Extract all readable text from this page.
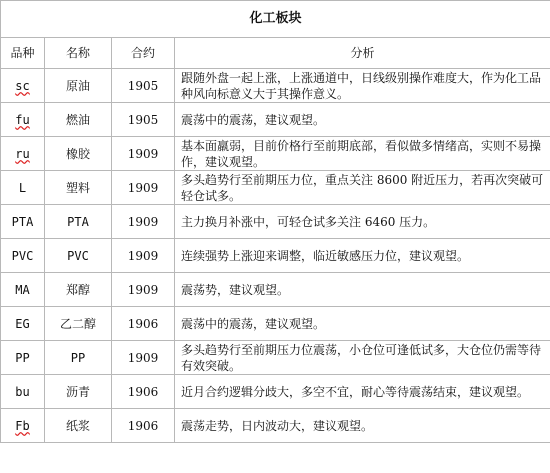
化工板块			
品种	名称	合约	分析
sc	原油	1905	跟随外盘一起上涨，上涨通道中，日线级别操作难度大，作为化工品种风向标意义大于其操作意义。
fu	燃油	1905	震荡中的震荡，建议观望。
ru	橡胶	1909	基本面羸弱，目前价格行至前期底部，看似做多情绪高，实则不易操作，建议观望。
L	塑料	1909	多头趋势行至前期压力位，重点关注 8600 附近压力，若再次突破可轻仓试多。
PTA	PTA	1909	主力换月补涨中，可轻仓试多关注 6460 压力。
PVC	PVC	1909	连续强势上涨迎来调整，临近敏感压力位，建议观望。
MA	郑醇	1909	震荡势，建议观望。
EG	乙二醇	1906	震荡中的震荡，建议观望。
PP	PP	1909	多头趋势行至前期压力位震荡，小仓位可逢低试多，大仓位仍需等待有效突破。
bu	沥青	1906	近月合约逻辑分歧大，多空不宜，耐心等待震荡结束，建议观望。
Fb	纸浆	1906	震荡走势，日内波动大，建议观望。
